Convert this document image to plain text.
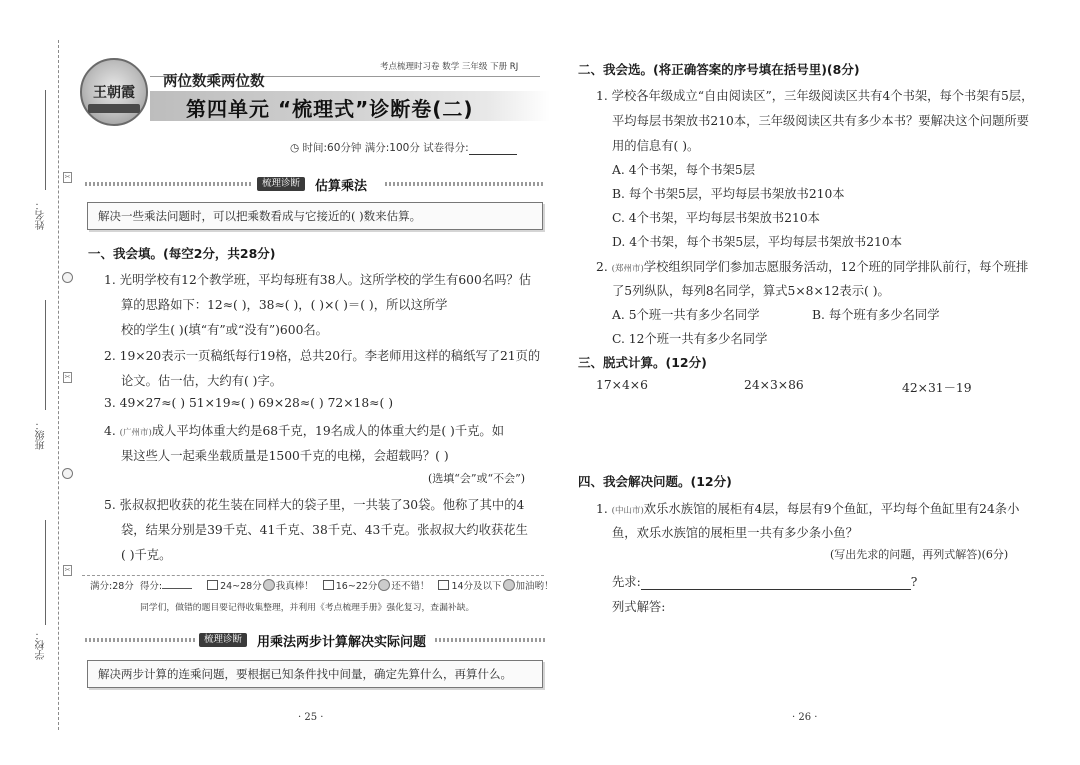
姓名：
班级：
学校：
✂
✂
✂
王朝霞
考点梳理时习卷 数学 三年级 下册 RJ
两位数乘两位数
第四单元 “梳理式”诊断卷(二)
◷ 时间:60分钟 满分:100分 试卷得分:
梳理诊断	估算乘法
解决一些乘法问题时，可以把乘数看成与它接近的( )数来估算。
一、我会填。(每空2分，共28分)
1. 光明学校有12个教学班，平均每班有38人。这所学校的学生有600名吗？估
算的思路如下：12≈( )，38≈( )，( )×( )＝( )，所以这所学
校的学生( )(填“有”或“没有”)600名。
2. 19×20表示一页稿纸每行19格，总共20行。李老师用这样的稿纸写了21页的
论文。估一估，大约有( )字。
3. 49×27≈( ) 51×19≈( ) 69×28≈( ) 72×18≈( )
4. (广州市)成人平均体重大约是68千克，19名成人的体重大约是( )千克。如
果这些人一起乘坐载质量是1500千克的电梯，会超载吗？( )
(选填“会”或“不会”)
5. 张叔叔把收获的花生装在同样大的袋子里，一共装了30袋。他称了其中的4
袋，结果分别是39千克、41千克、38千克、43千克。张叔叔大约收获花生
( )千克。
满分:28分 得分:	24~28分 我真棒！ 16~22分 还不错！ 14分及以下 加油哟！
同学们，做错的题目要记得收集整理，并利用《考点梳理手册》强化复习，查漏补缺。
梳理诊断	用乘法两步计算解决实际问题
解决两步计算的连乘问题，要根据已知条件找中间量，确定先算什么，再算什么。
· 25 ·
二、我会选。(将正确答案的序号填在括号里)(8分)
1. 学校各年级成立“自由阅读区”，三年级阅读区共有4个书架，每个书架有5层，
平均每层书架放书210本，三年级阅读区共有多少本书？要解决这个问题所要
用的信息有( )。
A. 4个书架，每个书架5层
B. 每个书架5层，平均每层书架放书210本
C. 4个书架，平均每层书架放书210本
D. 4个书架，每个书架5层，平均每层书架放书210本
2. (郑州市)学校组织同学们参加志愿服务活动，12个班的同学排队前行，每个班排
了5列纵队，每列8名同学，算式5×8×12表示( )。
A. 5个班一共有多少名同学	B. 每个班有多少名同学
C. 12个班一共有多少名同学
三、脱式计算。(12分)
17×4×6	24×3×86	42×31－19
四、我会解决问题。(12分)
1. (中山市)欢乐水族馆的展柜有4层，每层有9个鱼缸，平均每个鱼缸里有24条小
鱼，欢乐水族馆的展柜里一共有多少条小鱼？
(写出先求的问题，再列式解答)(6分)
先求:	?
列式解答:
· 26 ·
